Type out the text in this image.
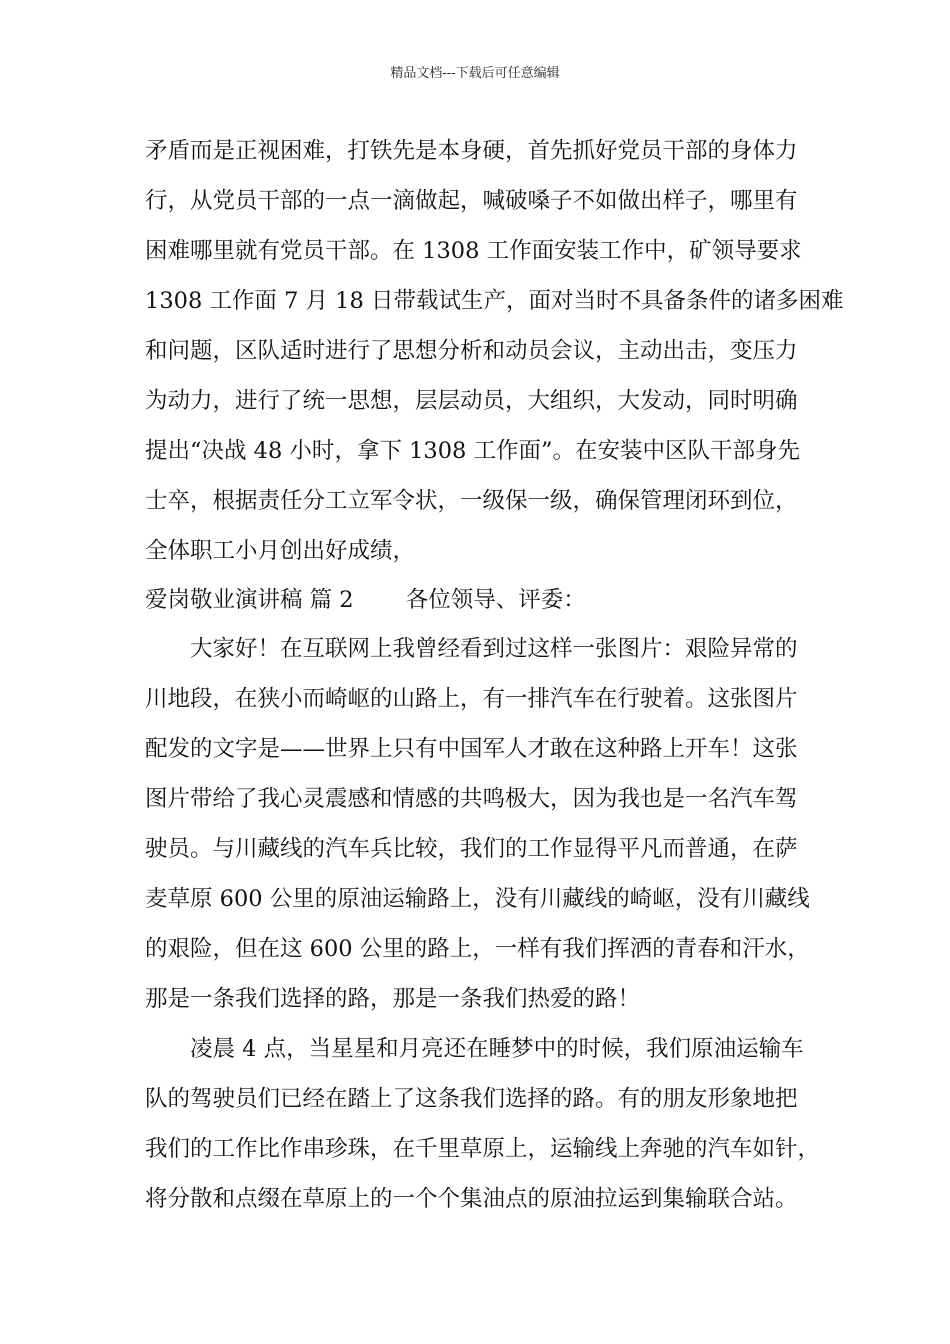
精品文档---下载后可任意编辑
矛盾而是正视困难，打铁先是本身硬，首先抓好党员干部的身体力
行，从党员干部的一点一滴做起，喊破嗓子不如做出样子，哪里有
困难哪里就有党员干部。在 1308 工作面安装工作中，矿领导要求
1308 工作面 7 月 18 日带载试生产，面对当时不具备条件的诸多困难
和问题，区队适时进行了思想分析和动员会议，主动出击，变压力
为动力，进行了统一思想，层层动员，大组织，大发动，同时明确
提出“决战 48 小时，拿下 1308 工作面”。在安装中区队干部身先
士卒，根据责任分工立军令状，一级保一级，确保管理闭环到位，
全体职工小月创出好成绩，
爱岗敬业演讲稿 篇 2　　 各位领导、评委：
大家好！在互联网上我曾经看到过这样一张图片：艰险异常的
川地段，在狭小而崎岖的山路上，有一排汽车在行驶着。这张图片
配发的文字是——世界上只有中国军人才敢在这种路上开车！这张
图片带给了我心灵震感和情感的共鸣极大，因为我也是一名汽车驾
驶员。与川藏线的汽车兵比较，我们的工作显得平凡而普通，在萨
麦草原 600 公里的原油运输路上，没有川藏线的崎岖，没有川藏线
的艰险，但在这 600 公里的路上，一样有我们挥洒的青春和汗水，
那是一条我们选择的路，那是一条我们热爱的路！
凌晨 4 点，当星星和月亮还在睡梦中的时候，我们原油运输车
队的驾驶员们已经在踏上了这条我们选择的路。有的朋友形象地把
我们的工作比作串珍珠，在千里草原上，运输线上奔驰的汽车如针，
将分散和点缀在草原上的一个个集油点的原油拉运到集输联合站。
